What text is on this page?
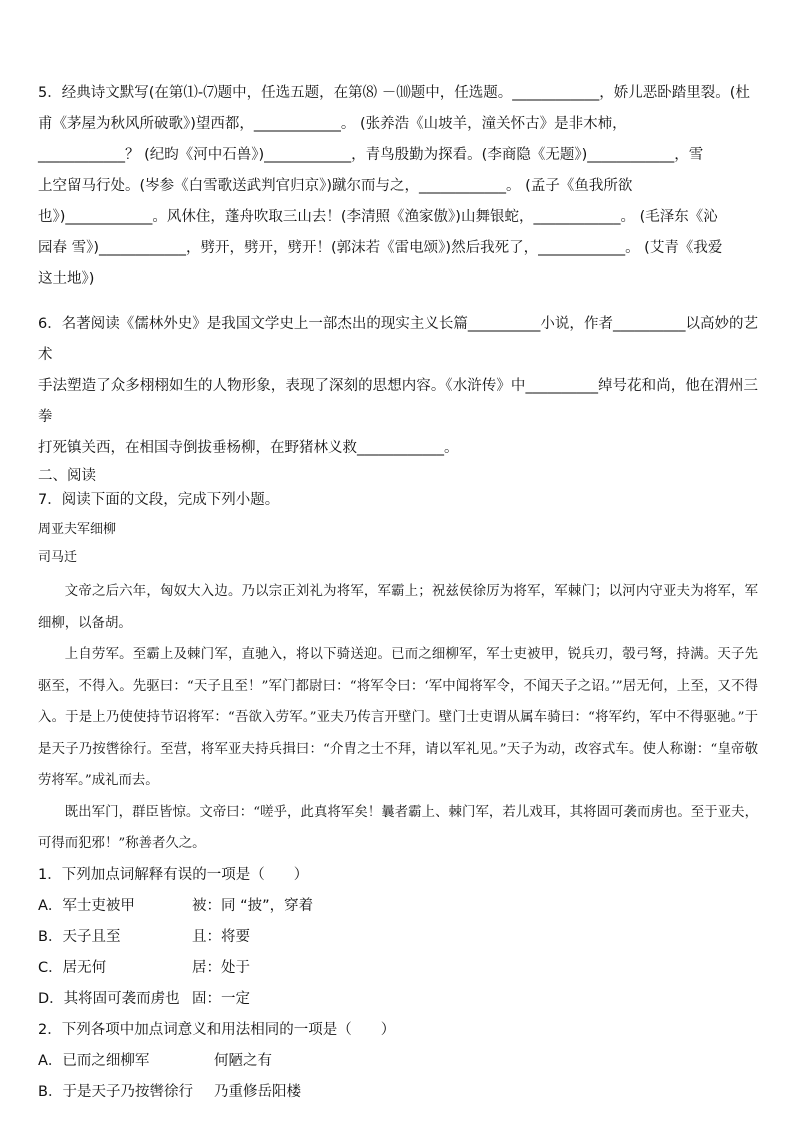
5．经典诗文默写(在第⑴-⑺题中，任选五题，在第⑻ －⑽题中，任选题。____________，娇儿恶卧踏里裂。(杜

甫《茅屋为秋风所破歌》)望西都，____________。 (张养浩《山坡羊，潼关怀古》是非木柿，

____________？ (纪昀《河中石兽》)____________，青鸟殷勤为探看。(李商隐《无题》)____________，雪

上空留马行处。(岑参《白雪歌送武判官归京》)蹴尔而与之，____________。 (孟子《鱼我所欲

也》)____________。风休住，蓬舟吹取三山去！(李清照《渔家傲》)山舞银蛇，____________。 (毛泽东《沁

园春 雪》)____________，劈开，劈开，劈开！(郭沫若《雷电颂》)然后我死了，____________。 (艾青《我爱

这土地》)

6．名著阅读《儒林外史》是我国文学史上一部杰出的现实主义长篇__________小说，作者__________以高妙的艺术

手法塑造了众多栩栩如生的人物形象，表现了深刻的思想内容。《水浒传》中__________绰号花和尚，他在渭州三拳

打死镇关西，在相国寺倒拔垂杨柳，在野猪林义救____________。

二、阅读

7．阅读下面的文段，完成下列小题。

周亚夫军细柳

司马迁

文帝之后六年，匈奴大入边。乃以宗正刘礼为将军，军霸上；祝兹侯徐厉为将军，军棘门；以河内守亚夫为将军，军细柳，以备胡。

上自劳军。至霸上及棘门军，直驰入，将以下骑送迎。已而之细柳军，军士吏被甲，锐兵刃，彀弓弩，持满。天子先驱至，不得入。先驱曰：“天子且至！”军门都尉曰：“将军令曰：‘军中闻将军令，不闻天子之诏。’”居无何，上至，又不得入。于是上乃使使持节诏将军：“吾欲入劳军。”亚夫乃传言开壁门。壁门士吏谓从属车骑曰：“将军约，军中不得驱驰。”于是天子乃按辔徐行。至营，将军亚夫持兵揖曰：“介胄之士不拜，请以军礼见。”天子为动，改容式车。使人称谢：“皇帝敬劳将军。”成礼而去。

既出军门，群臣皆惊。文帝曰：“嗟乎，此真将军矣！曩者霸上、棘门军，若儿戏耳，其将固可袭而虏也。至于亚夫，可得而犯邪！”称善者久之。

1．下列加点词解释有误的一项是（　　）

A．军士吏被甲	被：同 “披”，穿着
B．天子且至	且：将要
C．居无何	居：处于
D．其将固可袭而虏也 固：一定

2．下列各项中加点词意义和用法相同的一项是（　　）

A．已而之细柳军	何陋之有
B．于是天子乃按辔徐行	乃重修岳阳楼
